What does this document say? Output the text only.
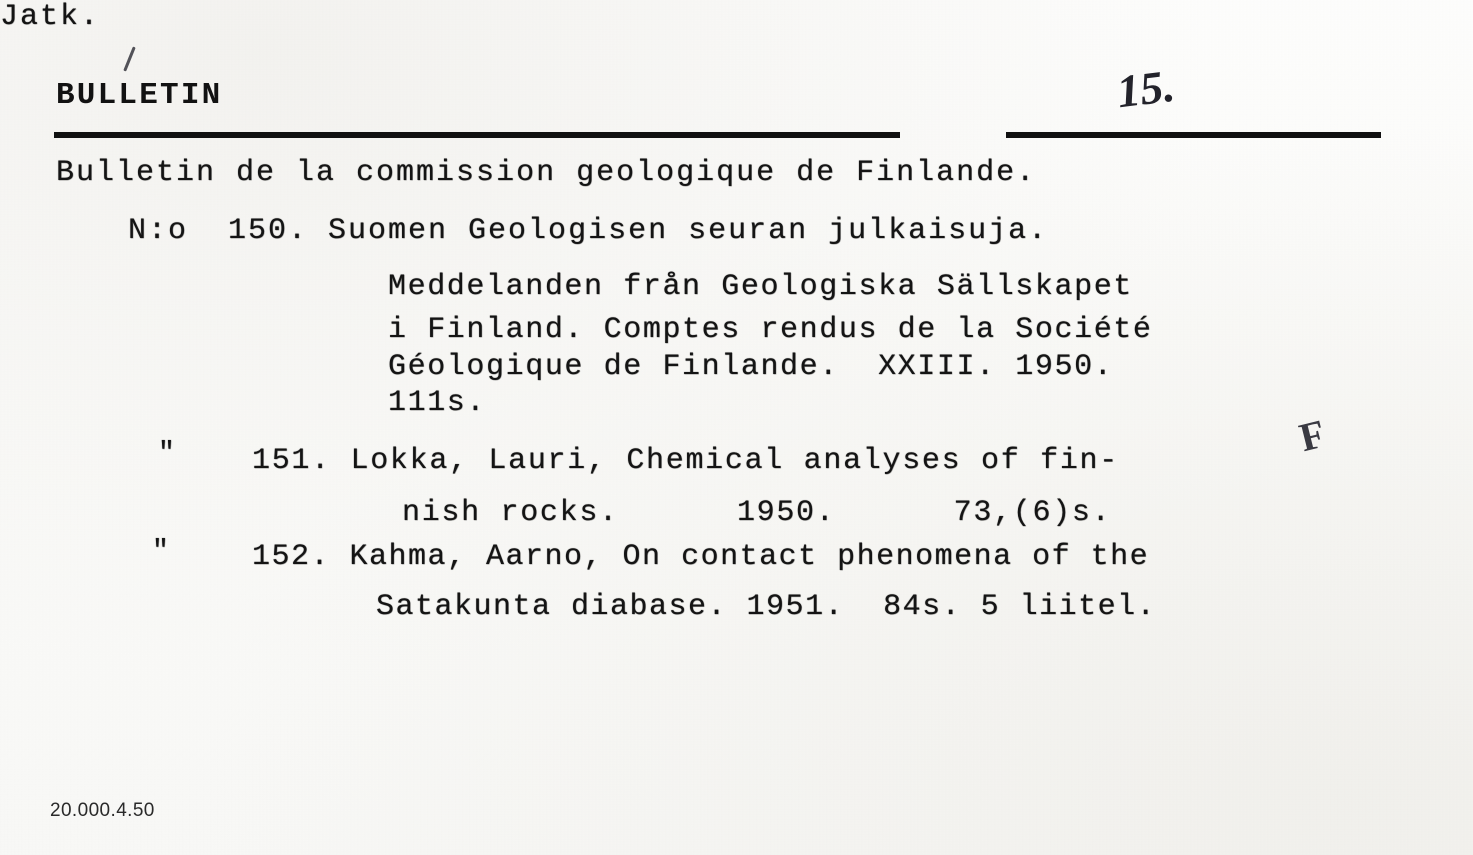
BULLETIN	15.
Bulletin de la commission geologique de Finlande.
N:o  150. Suomen Geologisen seuran julkaisuja.
Meddelanden från Geologiska Sällskapet
i Finland. Comptes rendus de la Société
Géologique de Finlande.  XXIII. 1950.
111s.
"	151. Lokka, Lauri, Chemical analyses of fin-
nish rocks.      1950.      73,(6)s.
"	152. Kahma, Aarno, On contact phenomena of the
Satakunta diabase. 1951.  84s. 5 liitel.
F
Jatk.
20.000.4.50
